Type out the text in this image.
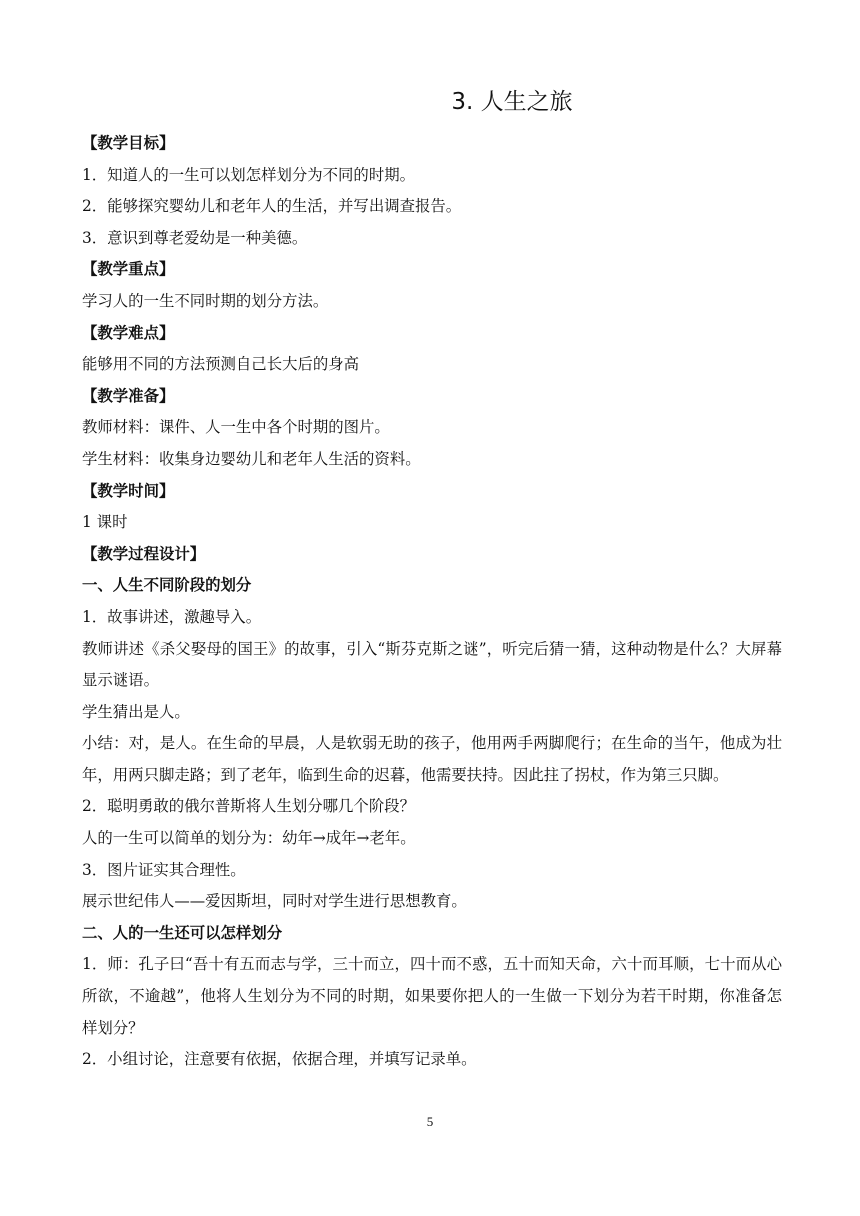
3. 人生之旅
【教学目标】
1．知道人的一生可以划怎样划分为不同的时期。
2．能够探究婴幼儿和老年人的生活，并写出调查报告。
3．意识到尊老爱幼是一种美德。
【教学重点】
学习人的一生不同时期的划分方法。
【教学难点】
能够用不同的方法预测自己长大后的身高
【教学准备】
教师材料：课件、人一生中各个时期的图片。
学生材料：收集身边婴幼儿和老年人生活的资料。
【教学时间】
1 课时
【教学过程设计】
一、人生不同阶段的划分
1．故事讲述，激趣导入。
教师讲述《杀父娶母的国王》的故事，引入“斯芬克斯之谜”，听完后猜一猜，这种动物是什么？大屏幕显示谜语。
学生猜出是人。
小结：对，是人。在生命的早晨，人是软弱无助的孩子，他用两手两脚爬行；在生命的当午，他成为壮年，用两只脚走路；到了老年，临到生命的迟暮，他需要扶持。因此拄了拐杖，作为第三只脚。
2．聪明勇敢的俄尔普斯将人生划分哪几个阶段？
人的一生可以简单的划分为：幼年→成年→老年。
3．图片证实其合理性。
展示世纪伟人——爱因斯坦，同时对学生进行思想教育。
二、人的一生还可以怎样划分
1．师：孔子曰“吾十有五而志与学，三十而立，四十而不惑，五十而知天命，六十而耳顺，七十而从心所欲，不逾越”，他将人生划分为不同的时期，如果要你把人的一生做一下划分为若干时期，你准备怎样划分？
2．小组讨论，注意要有依据，依据合理，并填写记录单。
5
